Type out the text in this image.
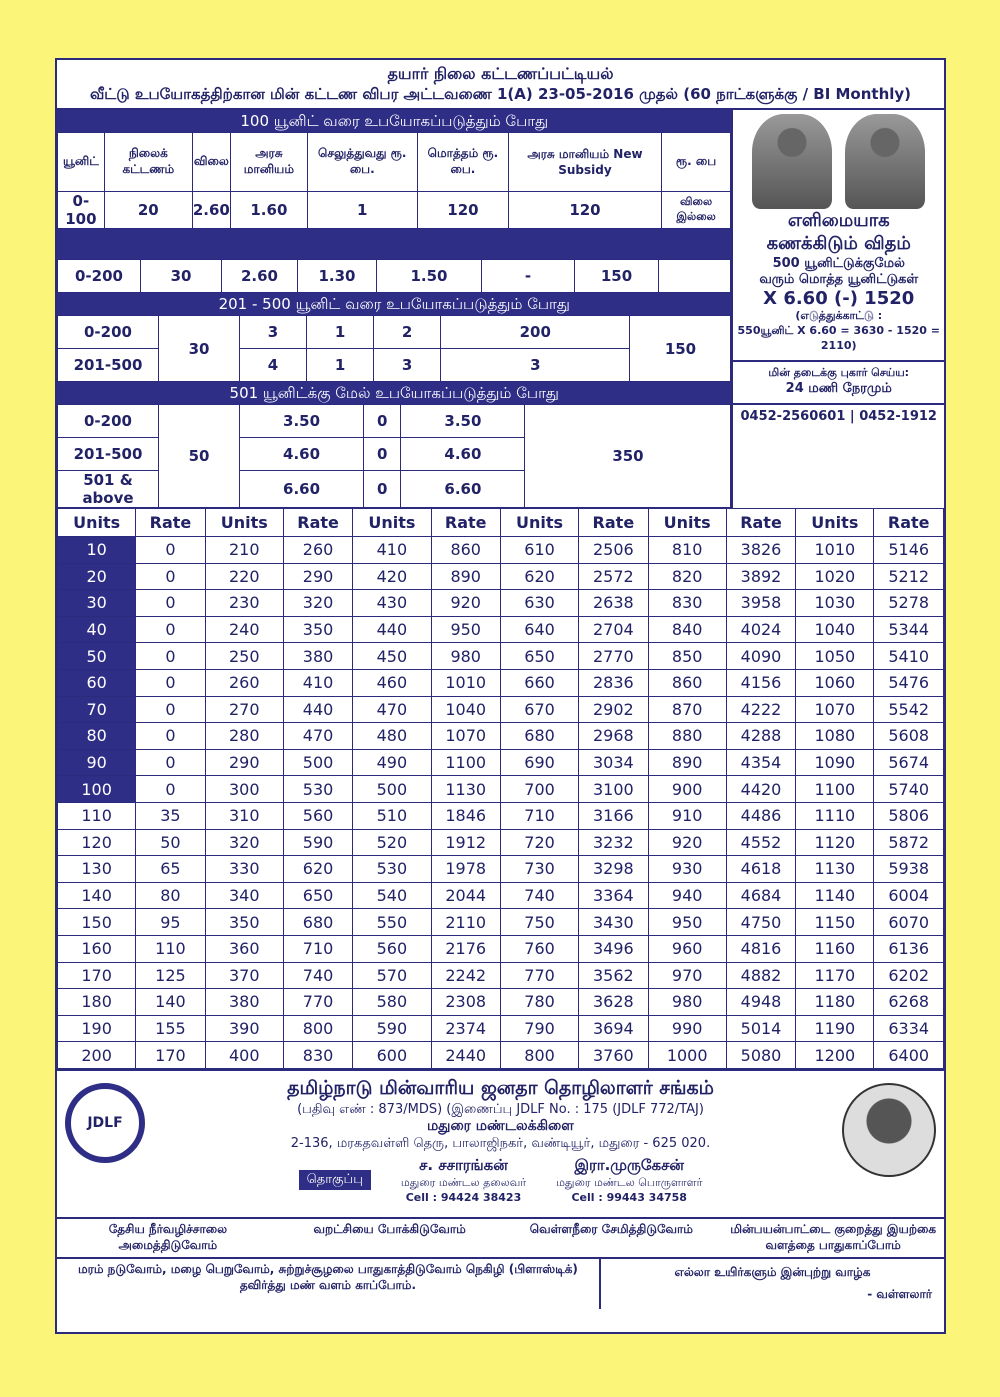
தயார் நிலை கட்டணப்பட்டியல்
வீட்டு உபயோகத்திற்கான மின் கட்டண விபர அட்டவணை 1(A) 23-05-2016 முதல் (60 நாட்களுக்கு / BI Monthly)
100 யூனிட் வரை உபயோகப்படுத்தும் போது
யூனிட்	நிலைக் கட்டணம்	விலை	அரசு மானியம்	செலுத்துவது ரூ. பை.	மொத்தம் ரூ. பை.	அரசு மானியம் New Subsidy	ரூ. பை
0-100	20	2.60	1.60	1	120	120	விலை இல்லை
0-200	30	2.60	1.30	1.50	-	150	
201 - 500 யூனிட் வரை உபயோகப்படுத்தும் போது
0-200	30	3	1	2	200	150
201-500		4	1	3	3	
501 யூனிட்க்கு மேல் உபயோகப்படுத்தும் போது
0-200	50	3.50	0	3.50	350
201-500		4.60	0	4.60	
501 & above		6.60	0	6.60	

எளிமையாக
கணக்கிடும் விதம்
500 யூனிட்டுக்குமேல்
வரும் மொத்த யூனிட்டுகள்
X 6.60 (-) 1520
(எடுத்துக்காட்டு :
550யூனிட் X 6.60 = 3630 - 1520 = 2110)
மின் தடைக்கு புகார் செய்ய:
24 மணி நேரமும்
0452-2560601 | 0452-1912
Units	Rate	Units	Rate	Units	Rate	Units	Rate	Units	Rate	Units	Rate
10	0	210	260	410	860	610	2506	810	3826	1010	5146
20	0	220	290	420	890	620	2572	820	3892	1020	5212
30	0	230	320	430	920	630	2638	830	3958	1030	5278
40	0	240	350	440	950	640	2704	840	4024	1040	5344
50	0	250	380	450	980	650	2770	850	4090	1050	5410
60	0	260	410	460	1010	660	2836	860	4156	1060	5476
70	0	270	440	470	1040	670	2902	870	4222	1070	5542
80	0	280	470	480	1070	680	2968	880	4288	1080	5608
90	0	290	500	490	1100	690	3034	890	4354	1090	5674
100	0	300	530	500	1130	700	3100	900	4420	1100	5740
110	35	310	560	510	1846	710	3166	910	4486	1110	5806
120	50	320	590	520	1912	720	3232	920	4552	1120	5872
130	65	330	620	530	1978	730	3298	930	4618	1130	5938
140	80	340	650	540	2044	740	3364	940	4684	1140	6004
150	95	350	680	550	2110	750	3430	950	4750	1150	6070
160	110	360	710	560	2176	760	3496	960	4816	1160	6136
170	125	370	740	570	2242	770	3562	970	4882	1170	6202
180	140	380	770	580	2308	780	3628	980	4948	1180	6268
190	155	390	800	590	2374	790	3694	990	5014	1190	6334
200	170	400	830	600	2440	800	3760	1000	5080	1200	6400
JDLF
தமிழ்நாடு மின்வாரிய ஜனதா தொழிலாளர் சங்கம்
(பதிவு எண் : 873/MDS) (இணைப்பு JDLF No. : 175 (JDLF 772/TAJ)
மதுரை மண்டலக்கிளை
2-136, மரகதவள்ளி தெரு, பாலாஜிநகர், வண்டியூர், மதுரை - 625 020.
தொகுப்பு
ச. சசாரங்கன்
மதுரை மண்டல தலைவர்
Cell : 94424 38423
இரா.முருகேசன்
மதுரை மண்டல பொருளாளர்
Cell : 99443 34758
தேசிய நீர்வழிச்சாலை அமைத்திடுவோம்
வறட்சியை போக்கிடுவோம்	வெள்ளநீரை சேமித்திடுவோம்	மின்பயன்பாட்டை குறைத்து இயற்கை வளத்தை பாதுகாப்போம்
மரம் நடுவோம், மழை பெறுவோம், சுற்றுச்சூழலை பாதுகாத்திடுவோம் நெகிழி (பிளாஸ்டிக்) தவிர்த்து மண் வளம் காப்போம்.
எல்லா உயிர்களும் இன்புற்று வாழ்க
- வள்ளலார்
